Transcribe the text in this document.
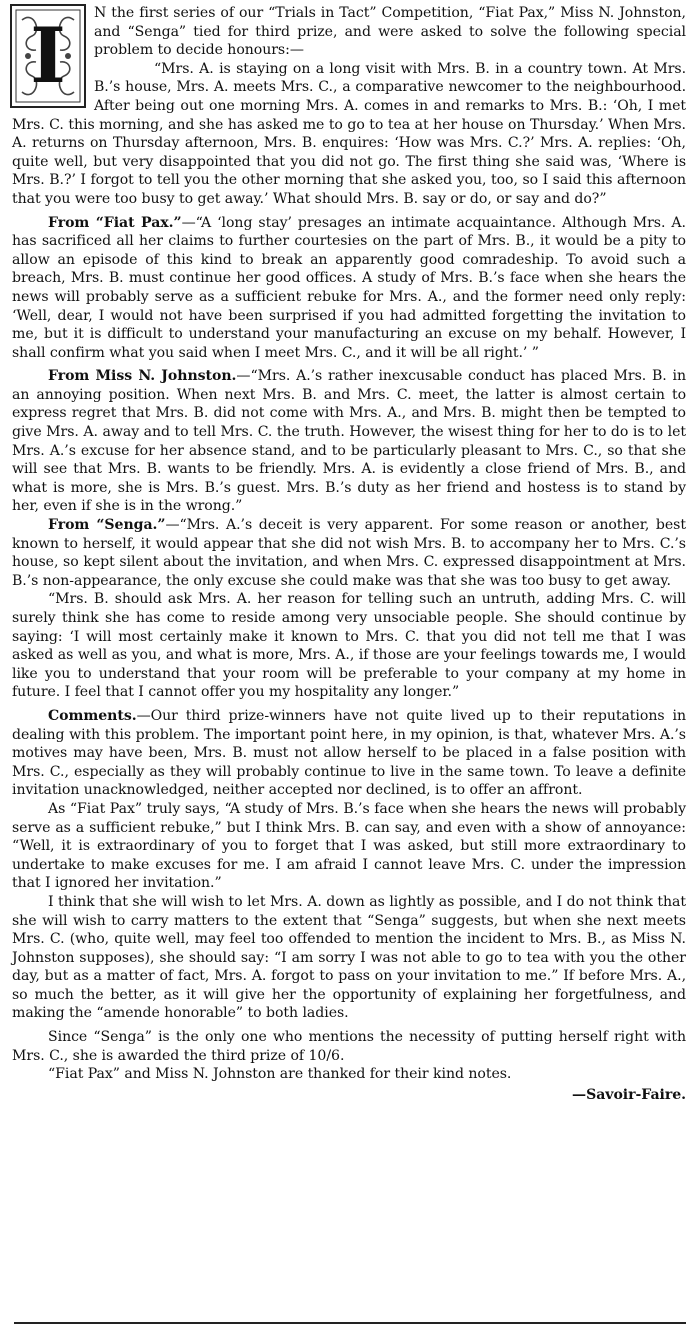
I N the first series of our “Trials in Tact” Competition, “Fiat Pax,” Miss N. Johnston, and “Senga” tied for third prize, and were asked to solve the following special problem to decide honours:—

“Mrs. A. is staying on a long visit with Mrs. B. in a country town. At Mrs. B.’s house, Mrs. A. meets Mrs. C., a comparative newcomer to the neighbourhood. After being out one morning Mrs. A. comes in and remarks to Mrs. B.: ‘Oh, I met Mrs. C. this morning, and she has asked me to go to tea at her house on Thursday.’ When Mrs. A. returns on Thursday afternoon, Mrs. B. enquires: ‘How was Mrs. C.?’ Mrs. A. replies: ‘Oh, quite well, but very disappointed that you did not go. The first thing she said was, ‘Where is Mrs. B.?’ I forgot to tell you the other morning that she asked you, too, so I said this afternoon that you were too busy to get away.’ What should Mrs. B. say or do, or say and do?”

From “Fiat Pax.”—“A ‘long stay’ presages an intimate acquaintance. Although Mrs. A. has sacrificed all her claims to further courtesies on the part of Mrs. B., it would be a pity to allow an episode of this kind to break an apparently good comradeship. To avoid such a breach, Mrs. B. must continue her good offices. A study of Mrs. B.’s face when she hears the news will probably serve as a sufficient rebuke for Mrs. A., and the former need only reply: ‘Well, dear, I would not have been surprised if you had admitted forgetting the invitation to me, but it is difficult to understand your manufacturing an excuse on my behalf. However, I shall confirm what you said when I meet Mrs. C., and it will be all right.’ ”

From Miss N. Johnston.—“Mrs. A.’s rather inexcusable conduct has placed Mrs. B. in an annoying position. When next Mrs. B. and Mrs. C. meet, the latter is almost certain to express regret that Mrs. B. did not come with Mrs. A., and Mrs. B. might then be tempted to give Mrs. A. away and to tell Mrs. C. the truth. However, the wisest thing for her to do is to let Mrs. A.’s excuse for her absence stand, and to be particularly pleasant to Mrs. C., so that she will see that Mrs. B. wants to be friendly. Mrs. A. is evidently a close friend of Mrs. B., and what is more, she is Mrs. B.’s guest. Mrs. B.’s duty as her friend and hostess is to stand by her, even if she is in the wrong.”

From “Senga.”—“Mrs. A.’s deceit is very apparent. For some reason or another, best known to herself, it would appear that she did not wish Mrs. B. to accompany her to Mrs. C.’s house, so kept silent about the invitation, and when Mrs. C. expressed disappointment at Mrs. B.’s non-appearance, the only excuse she could make was that she was too busy to get away.

“Mrs. B. should ask Mrs. A. her reason for telling such an untruth, adding Mrs. C. will surely think she has come to reside among very unsociable people. She should continue by saying: ‘I will most certainly make it known to Mrs. C. that you did not tell me that I was asked as well as you, and what is more, Mrs. A., if those are your feelings towards me, I would like you to understand that your room will be preferable to your company at my home in future. I feel that I cannot offer you my hospitality any longer.”

Comments.—Our third prize-winners have not quite lived up to their reputations in dealing with this problem. The important point here, in my opinion, is that, whatever Mrs. A.’s motives may have been, Mrs. B. must not allow herself to be placed in a false position with Mrs. C., especially as they will probably continue to live in the same town. To leave a definite invitation unacknowledged, neither accepted nor declined, is to offer an affront.

As “Fiat Pax” truly says, “A study of Mrs. B.’s face when she hears the news will probably serve as a sufficient rebuke,” but I think Mrs. B. can say, and even with a show of annoyance: “Well, it is extraordinary of you to forget that I was asked, but still more extraordinary to undertake to make excuses for me. I am afraid I cannot leave Mrs. C. under the impression that I ignored her invitation.”

I think that she will wish to let Mrs. A. down as lightly as possible, and I do not think that she will wish to carry matters to the extent that “Senga” suggests, but when she next meets Mrs. C. (who, quite well, may feel too offended to mention the incident to Mrs. B., as Miss N. Johnston supposes), she should say: “I am sorry I was not able to go to tea with you the other day, but as a matter of fact, Mrs. A. forgot to pass on your invitation to me.” If before Mrs. A., so much the better, as it will give her the opportunity of explaining her forgetfulness, and making the “amende honorable” to both ladies.

Since “Senga” is the only one who mentions the necessity of putting herself right with Mrs. C., she is awarded the third prize of 10/6.

“Fiat Pax” and Miss N. Johnston are thanked for their kind notes.

—Savoir-Faire.
